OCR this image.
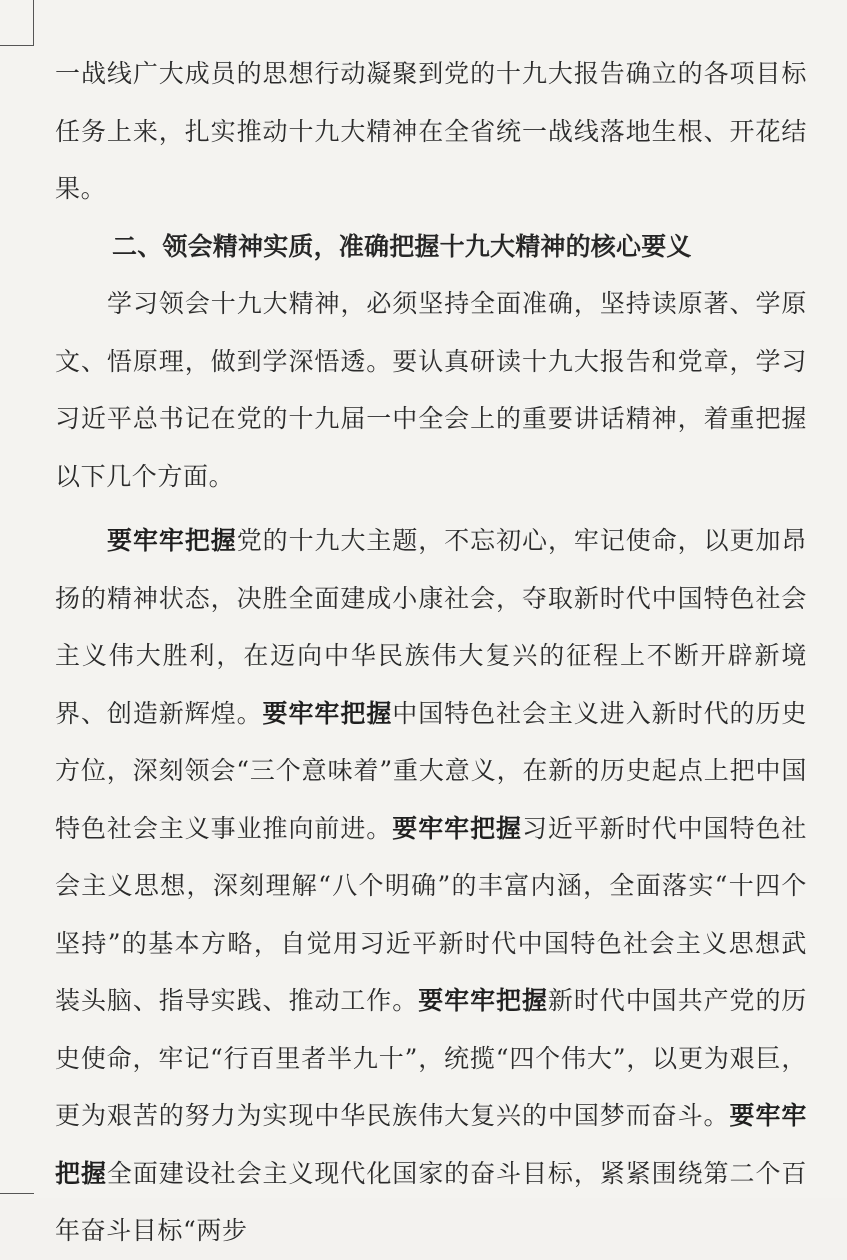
一战线广大成员的思想行动凝聚到党的十九大报告确立的各项目标任务上来，扎实推动十九大精神在全省统一战线落地生根、开花结果。

二、领会精神实质，准确把握十九大精神的核心要义

学习领会十九大精神，必须坚持全面准确，坚持读原著、学原文、悟原理，做到学深悟透。要认真研读十九大报告和党章，学习习近平总书记在党的十九届一中全会上的重要讲话精神，着重把握以下几个方面。

要牢牢把握党的十九大主题，不忘初心，牢记使命，以更加昂扬的精神状态，决胜全面建成小康社会，夺取新时代中国特色社会主义伟大胜利，在迈向中华民族伟大复兴的征程上不断开辟新境界、创造新辉煌。要牢牢把握中国特色社会主义进入新时代的历史方位，深刻领会“三个意味着”重大意义，在新的历史起点上把中国特色社会主义事业推向前进。要牢牢把握习近平新时代中国特色社会主义思想，深刻理解“八个明确”的丰富内涵，全面落实“十四个坚持”的基本方略，自觉用习近平新时代中国特色社会主义思想武装头脑、指导实践、推动工作。要牢牢把握新时代中国共产党的历史使命，牢记“行百里者半九十”，统揽“四个伟大”，以更为艰巨，更为艰苦的努力为实现中华民族伟大复兴的中国梦而奋斗。要牢牢把握全面建设社会主义现代化国家的奋斗目标，紧紧围绕第二个百年奋斗目标“两步
